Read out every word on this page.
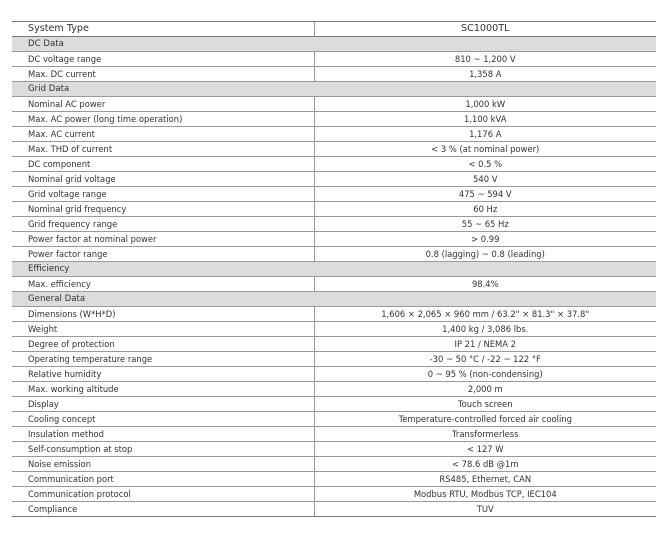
System Type	SC1000TL
DC Data	
DC voltage range	810 ~ 1,200 V
Max. DC current	1,358 A
Grid Data	
Nominal AC power	1,000 kW
Max. AC power (long time operation)	1,100 kVA
Max. AC current	1,176 A
Max. THD of current	< 3 % (at nominal power)
DC component	< 0.5 %
Nominal grid voltage	540 V
Grid voltage range	475 ~ 594 V
Nominal grid frequency	60 Hz
Grid frequency range	55 ~ 65 Hz
Power factor at nominal power	> 0.99
Power factor range	0.8 (lagging) ~ 0.8 (leading)
Efficiency	
Max. efficiency	98.4%
General Data	
Dimensions (W*H*D)	1,606 × 2,065 × 960 mm / 63.2" × 81.3" × 37.8"
Weight	1,400 kg / 3,086 lbs.
Degree of protection	IP 21 / NEMA 2
Operating temperature range	-30 ~ 50 °C / -22 ~ 122 °F
Relative humidity	0 ~ 95 % (non-condensing)
Max. working altitude	2,000 m
Display	Touch screen
Cooling concept	Temperature-controlled forced air cooling
Insulation method	Transformerless
Self-consumption at stop	< 127 W
Noise emission	< 78.6 dB @1m
Communication port	RS485, Ethernet, CAN
Communication protocol	Modbus RTU, Modbus TCP, IEC104
Compliance	TUV
